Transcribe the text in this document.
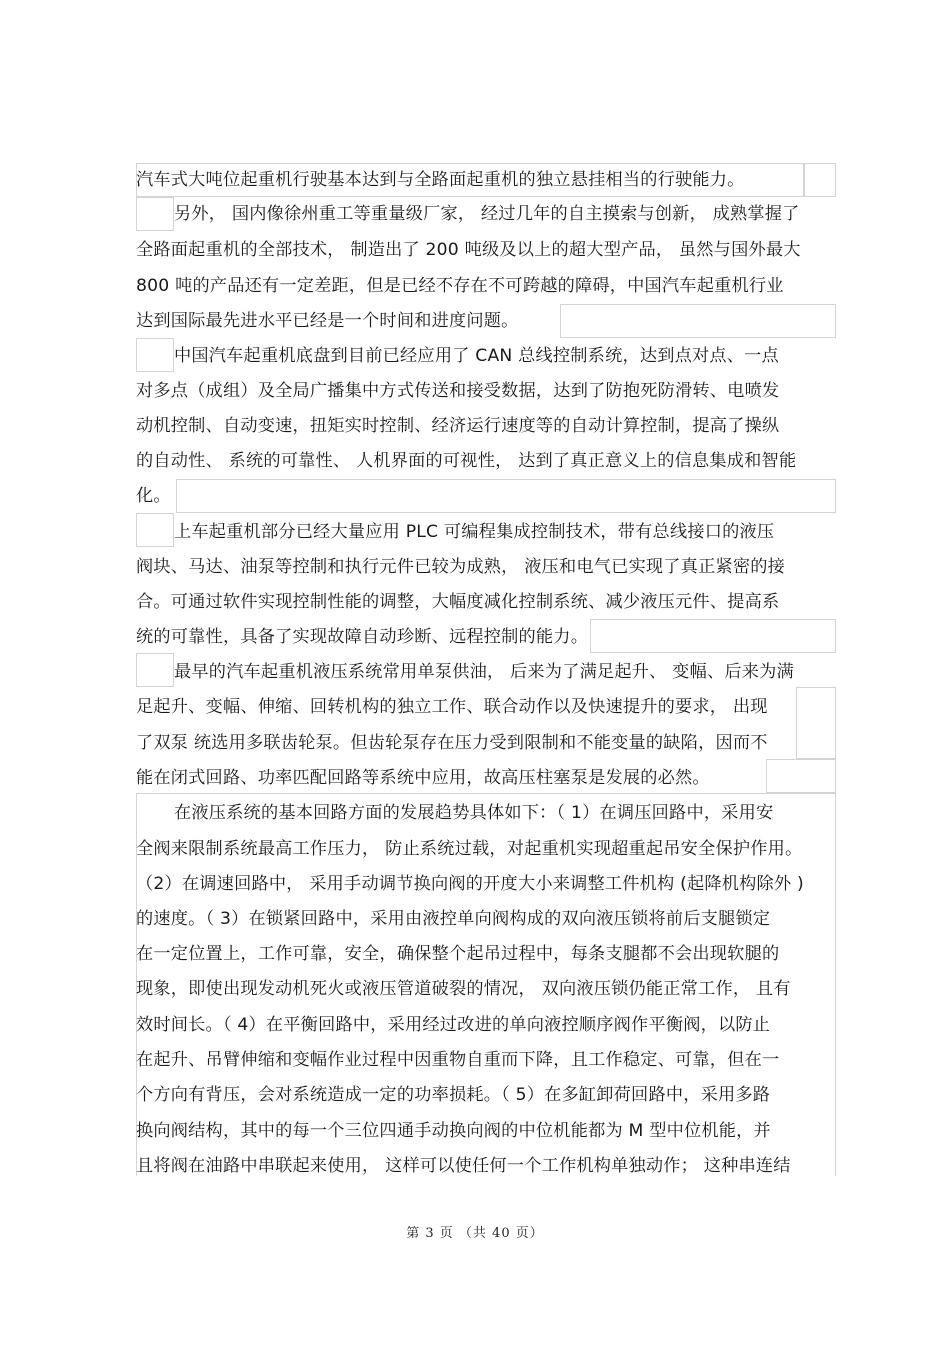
汽车式大吨位起重机行驶基本达到与全路面起重机的独立悬挂相当的行驶能力。
另外， 国内像徐州重工等重量级厂家， 经过几年的自主摸索与创新， 成熟掌握了
全路面起重机的全部技术， 制造出了 200 吨级及以上的超大型产品， 虽然与国外最大
800 吨的产品还有一定差距，但是已经不存在不可跨越的障碍，中国汽车起重机行业
达到国际最先进水平已经是一个时间和进度问题。
中国汽车起重机底盘到目前已经应用了 CAN 总线控制系统，达到点对点、一点
对多点（成组）及全局广播集中方式传送和接受数据，达到了防抱死防滑转、电喷发
动机控制、自动变速，扭矩实时控制、经济运行速度等的自动计算控制，提高了操纵
的自动性、 系统的可靠性、 人机界面的可视性， 达到了真正意义上的信息集成和智能
化。
上车起重机部分已经大量应用 PLC 可编程集成控制技术，带有总线接口的液压
阀块、马达、油泵等控制和执行元件已较为成熟， 液压和电气已实现了真正紧密的接
合。可通过软件实现控制性能的调整，大幅度减化控制系统、减少液压元件、提高系
统的可靠性，具备了实现故障自动珍断、远程控制的能力。
最早的汽车起重机液压系统常用单泵供油， 后来为了满足起升、 变幅、后来为满
足起升、变幅、伸缩、回转机构的独立工作、联合动作以及快速提升的要求， 出现
了双泵 统选用多联齿轮泵。但齿轮泵存在压力受到限制和不能变量的缺陷，因而不
能在闭式回路、功率匹配回路等系统中应用，故高压柱塞泵是发展的必然。
在液压系统的基本回路方面的发展趋势具体如下：（ 1）在调压回路中，采用安
全阀来限制系统最高工作压力， 防止系统过载，对起重机实现超重起吊安全保护作用。
（2）在调速回路中， 采用手动调节换向阀的开度大小来调整工件机构 (起降机构除外 )
的速度。（ 3）在锁紧回路中，采用由液控单向阀构成的双向液压锁将前后支腿锁定
在一定位置上，工作可靠，安全，确保整个起吊过程中，每条支腿都不会出现软腿的
现象，即使出现发动机死火或液压管道破裂的情况， 双向液压锁仍能正常工作， 且有
效时间长。（ 4）在平衡回路中，采用经过改进的单向液控顺序阀作平衡阀，以防止
在起升、吊臂伸缩和变幅作业过程中因重物自重而下降，且工作稳定、可靠，但在一
个方向有背压，会对系统造成一定的功率损耗。（ 5）在多缸卸荷回路中，采用多路
换向阀结构，其中的每一个三位四通手动换向阀的中位机能都为 M 型中位机能，并
且将阀在油路中串联起来使用， 这样可以使任何一个工作机构单独动作； 这种串连结
第 3 页 （共 40 页）
